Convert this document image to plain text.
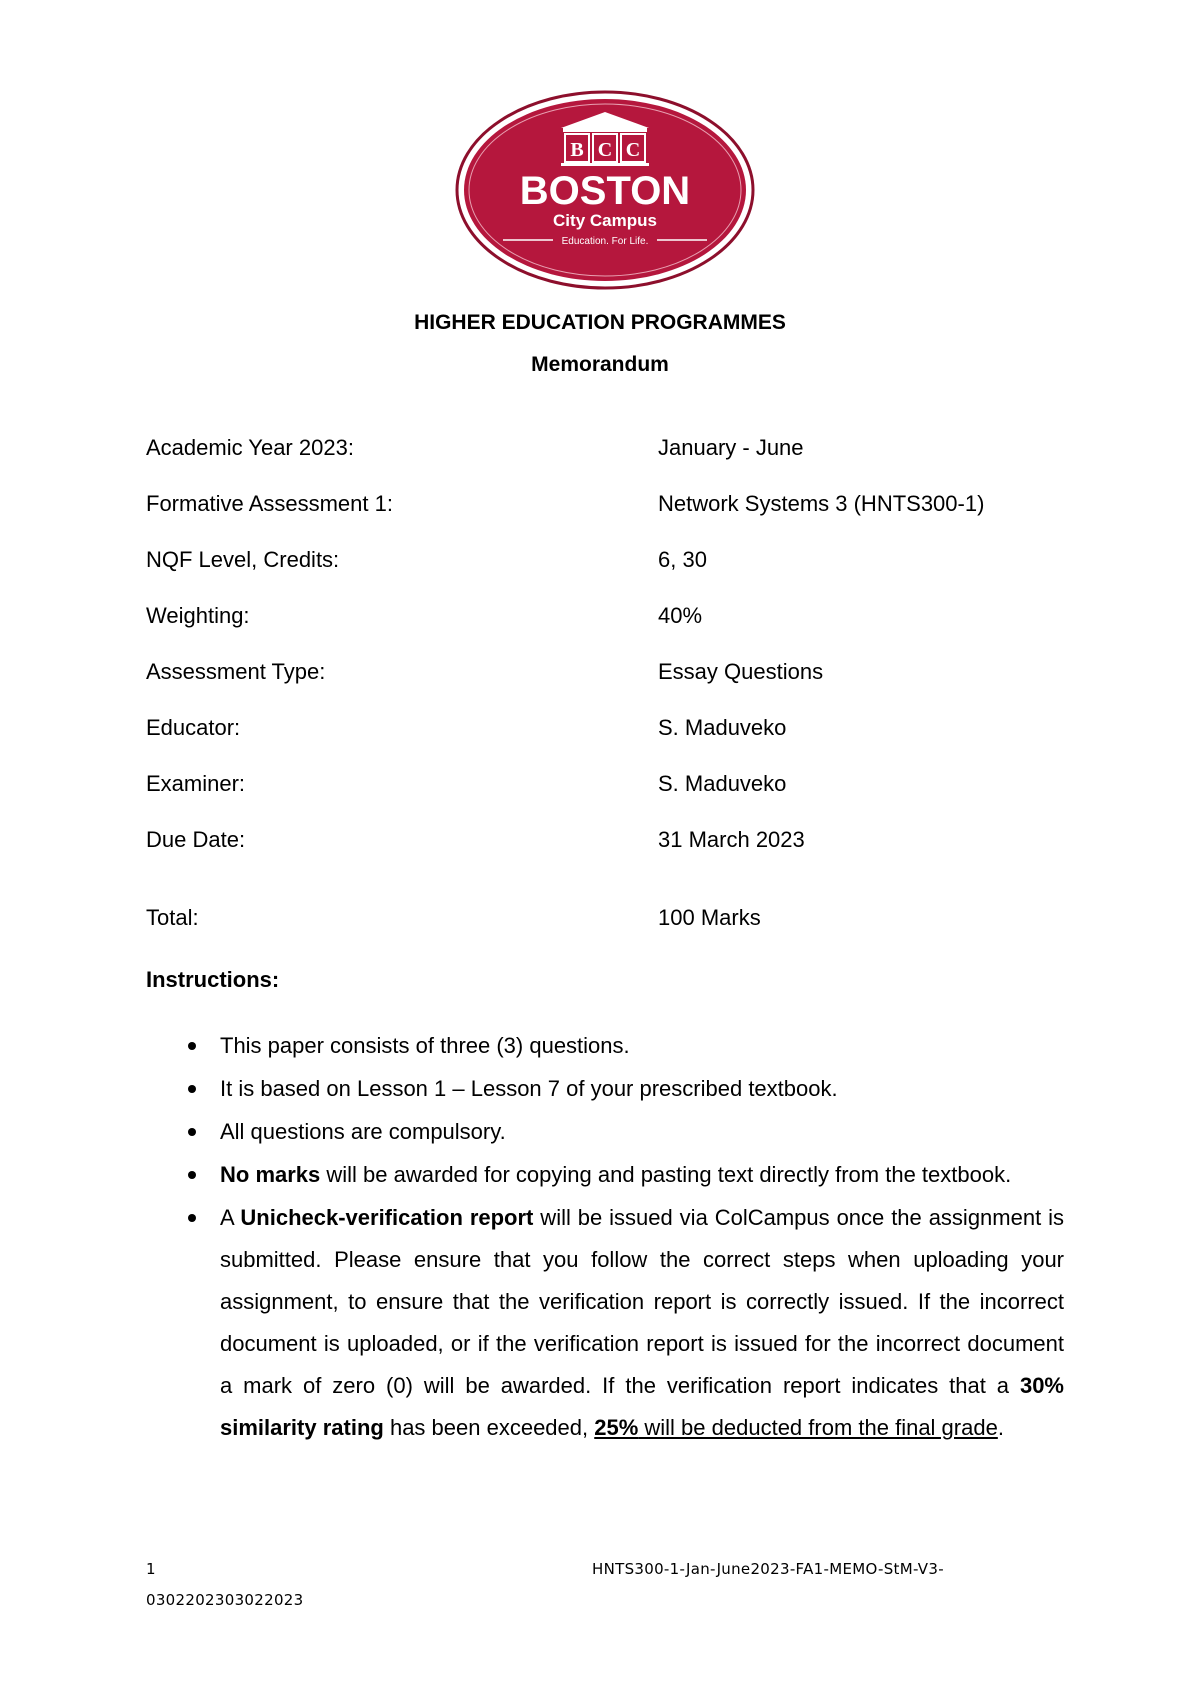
B C C
BOSTON
City Campus
Education. For Life.
HIGHER EDUCATION PROGRAMMES
Memorandum
Academic Year 2023:	January - June
Formative Assessment 1:	Network Systems 3 (HNTS300-1)
NQF Level, Credits:	6, 30
Weighting:	40%
Assessment Type:	Essay Questions
Educator:	S. Maduveko
Examiner:	S. Maduveko
Due Date:	31 March 2023
Total:	100 Marks
Instructions:
This paper consists of three (3) questions.
It is based on Lesson 1 – Lesson 7 of your prescribed textbook.
All questions are compulsory.
No marks will be awarded for copying and pasting text directly from the textbook.
A Unicheck-verification report will be issued via ColCampus once the assignment is submitted. Please ensure that you follow the correct steps when uploading your assignment, to ensure that the verification report is correctly issued. If the incorrect document is uploaded, or if the verification report is issued for the incorrect document a mark of zero (0) will be awarded. If the verification report indicates that a 30% similarity rating has been exceeded, 25% will be deducted from the final grade.
1	HNTS300-1-Jan-June2023-FA1-MEMO-StM-V3-
0302202303022023
